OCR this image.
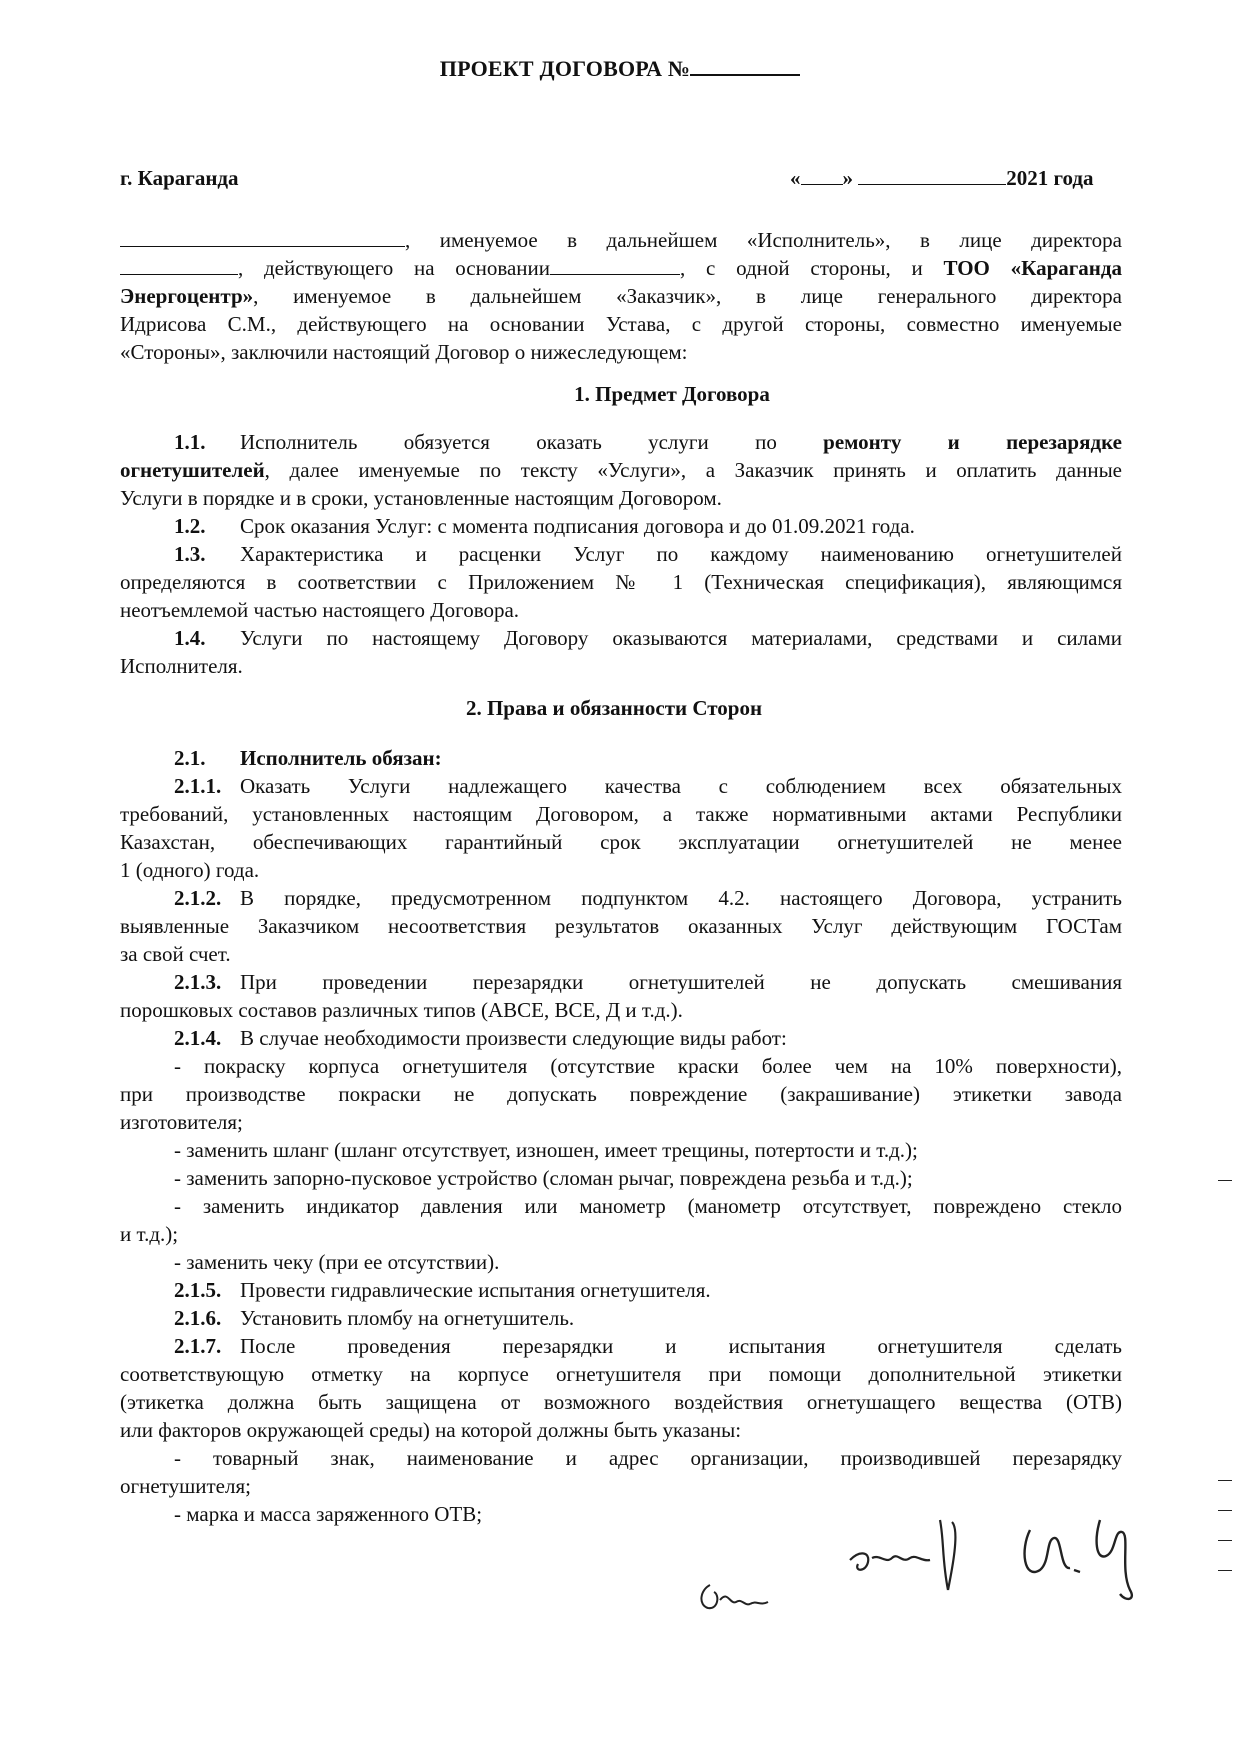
ПРОЕКТ ДОГОВОРА №
г. Караганда	« »	2021 года
, именуемое в дальнейшем «Исполнитель», в лице директора
, действующего на основании	, с одной стороны, и ТОО «Караганда
Энергоцентр», именуемое в дальнейшем «Заказчик», в лице генерального директора
Идрисова С.М., действующего на основании Устава, с другой стороны, совместно именуемые
«Стороны», заключили настоящий Договор о нижеследующем:
1. Предмет Договора
1.1. Исполнитель обязуется оказать услуги по ремонту и перезарядке
огнетушителей, далее именуемые по тексту «Услуги», а Заказчик принять и оплатить данные
Услуги в порядке и в сроки, установленные настоящим Договором.
1.2. Срок оказания Услуг: с момента подписания договора и до 01.09.2021 года.
1.3. Характеристика и расценки Услуг по каждому наименованию огнетушителей
определяются в соответствии с Приложением № 1 (Техническая спецификация), являющимся
неотъемлемой частью настоящего Договора.
1.4. Услуги по настоящему Договору оказываются материалами, средствами и силами
Исполнителя.
2. Права и обязанности Сторон
2.1. Исполнитель обязан:
2.1.1. Оказать Услуги надлежащего качества с соблюдением всех обязательных
требований, установленных настоящим Договором, а также нормативными актами Республики
Казахстан, обеспечивающих гарантийный срок эксплуатации огнетушителей не менее
1 (одного) года.
2.1.2. В порядке, предусмотренном подпунктом 4.2. настоящего Договора, устранить
выявленные Заказчиком несоответствия результатов оказанных Услуг действующим ГОСТам
за свой счет.
2.1.3. При проведении перезарядки огнетушителей не допускать смешивания
порошковых составов различных типов (АВСЕ, ВСЕ, Д и т.д.).
2.1.4. В случае необходимости произвести следующие виды работ:
- покраску корпуса огнетушителя (отсутствие краски более чем на 10% поверхности),
при производстве покраски не допускать повреждение (закрашивание) этикетки завода
изготовителя;
- заменить шланг (шланг отсутствует, изношен, имеет трещины, потертости и т.д.);
- заменить запорно-пусковое устройство (сломан рычаг, повреждена резьба и т.д.);
- заменить индикатор давления или манометр (манометр отсутствует, повреждено стекло
и т.д.);
- заменить чеку (при ее отсутствии).
2.1.5. Провести гидравлические испытания огнетушителя.
2.1.6. Установить пломбу на огнетушитель.
2.1.7. После проведения перезарядки и испытания огнетушителя сделать
соответствующую отметку на корпусе огнетушителя при помощи дополнительной этикетки
(этикетка должна быть защищена от возможного воздействия огнетушащего вещества (ОТВ)
или факторов окружающей среды) на которой должны быть указаны:
- товарный знак, наименование и адрес организации, производившей перезарядку
огнетушителя;
- марка и масса заряженного ОТВ;
